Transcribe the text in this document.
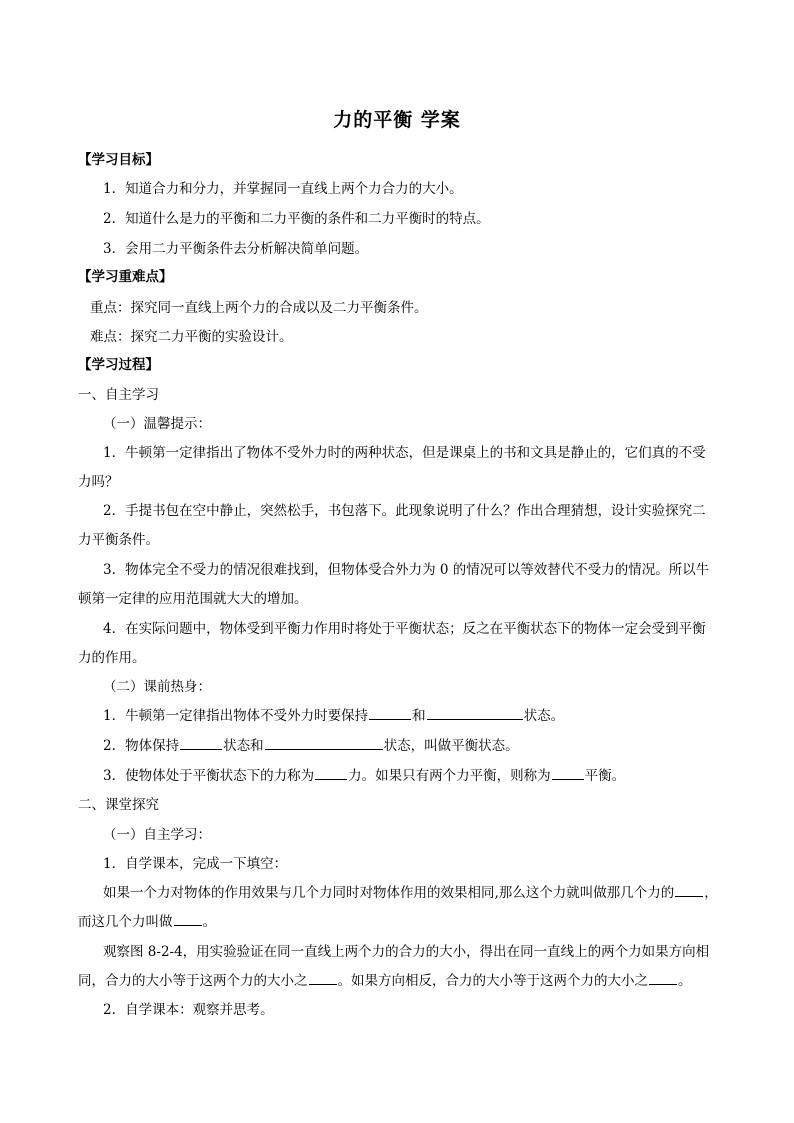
力的平衡 学案
【学习目标】
1．知道合力和分力，并掌握同一直线上两个力合力的大小。
2．知道什么是力的平衡和二力平衡的条件和二力平衡时的特点。
3．会用二力平衡条件去分析解决简单问题。
【学习重难点】
重点：探究同一直线上两个力的合成以及二力平衡条件。
难点：探究二力平衡的实验设计。
【学习过程】
一、自主学习
（一）温馨提示：
1．牛顿第一定律指出了物体不受外力时的两种状态，但是课桌上的书和文具是静止的，它们真的不受
力吗？
2．手提书包在空中静止，突然松手，书包落下。此现象说明了什么？作出合理猜想，设计实验探究二
力平衡条件。
3．物体完全不受力的情况很难找到，但物体受合外力为 0 的情况可以等效替代不受力的情况。所以牛
顿第一定律的应用范围就大大的增加。
4．在实际问题中，物体受到平衡力作用时将处于平衡状态；反之在平衡状态下的物体一定会受到平衡
力的作用。
（二）课前热身：
1．牛顿第一定律指出物体不受外力时要保持	和	状态。
2．物体保持	状态和	状态，叫做平衡状态。
3．使物体处于平衡状态下的力称为	力。如果只有两个力平衡，则称为	平衡。
二、课堂探究
（一）自主学习：
1．自学课本，完成一下填空：
如果一个力对物体的作用效果与几个力同时对物体作用的效果相同,那么这个力就叫做那几个力的 ，
而这几个力叫做 。
观察图 8-2-4，用实验验证在同一直线上两个力的合力的大小，得出在同一直线上的两个力如果方向相
同，合力的大小等于这两个力的大小之 。如果方向相反，合力的大小等于这两个力的大小之 。
2．自学课本：观察并思考。
